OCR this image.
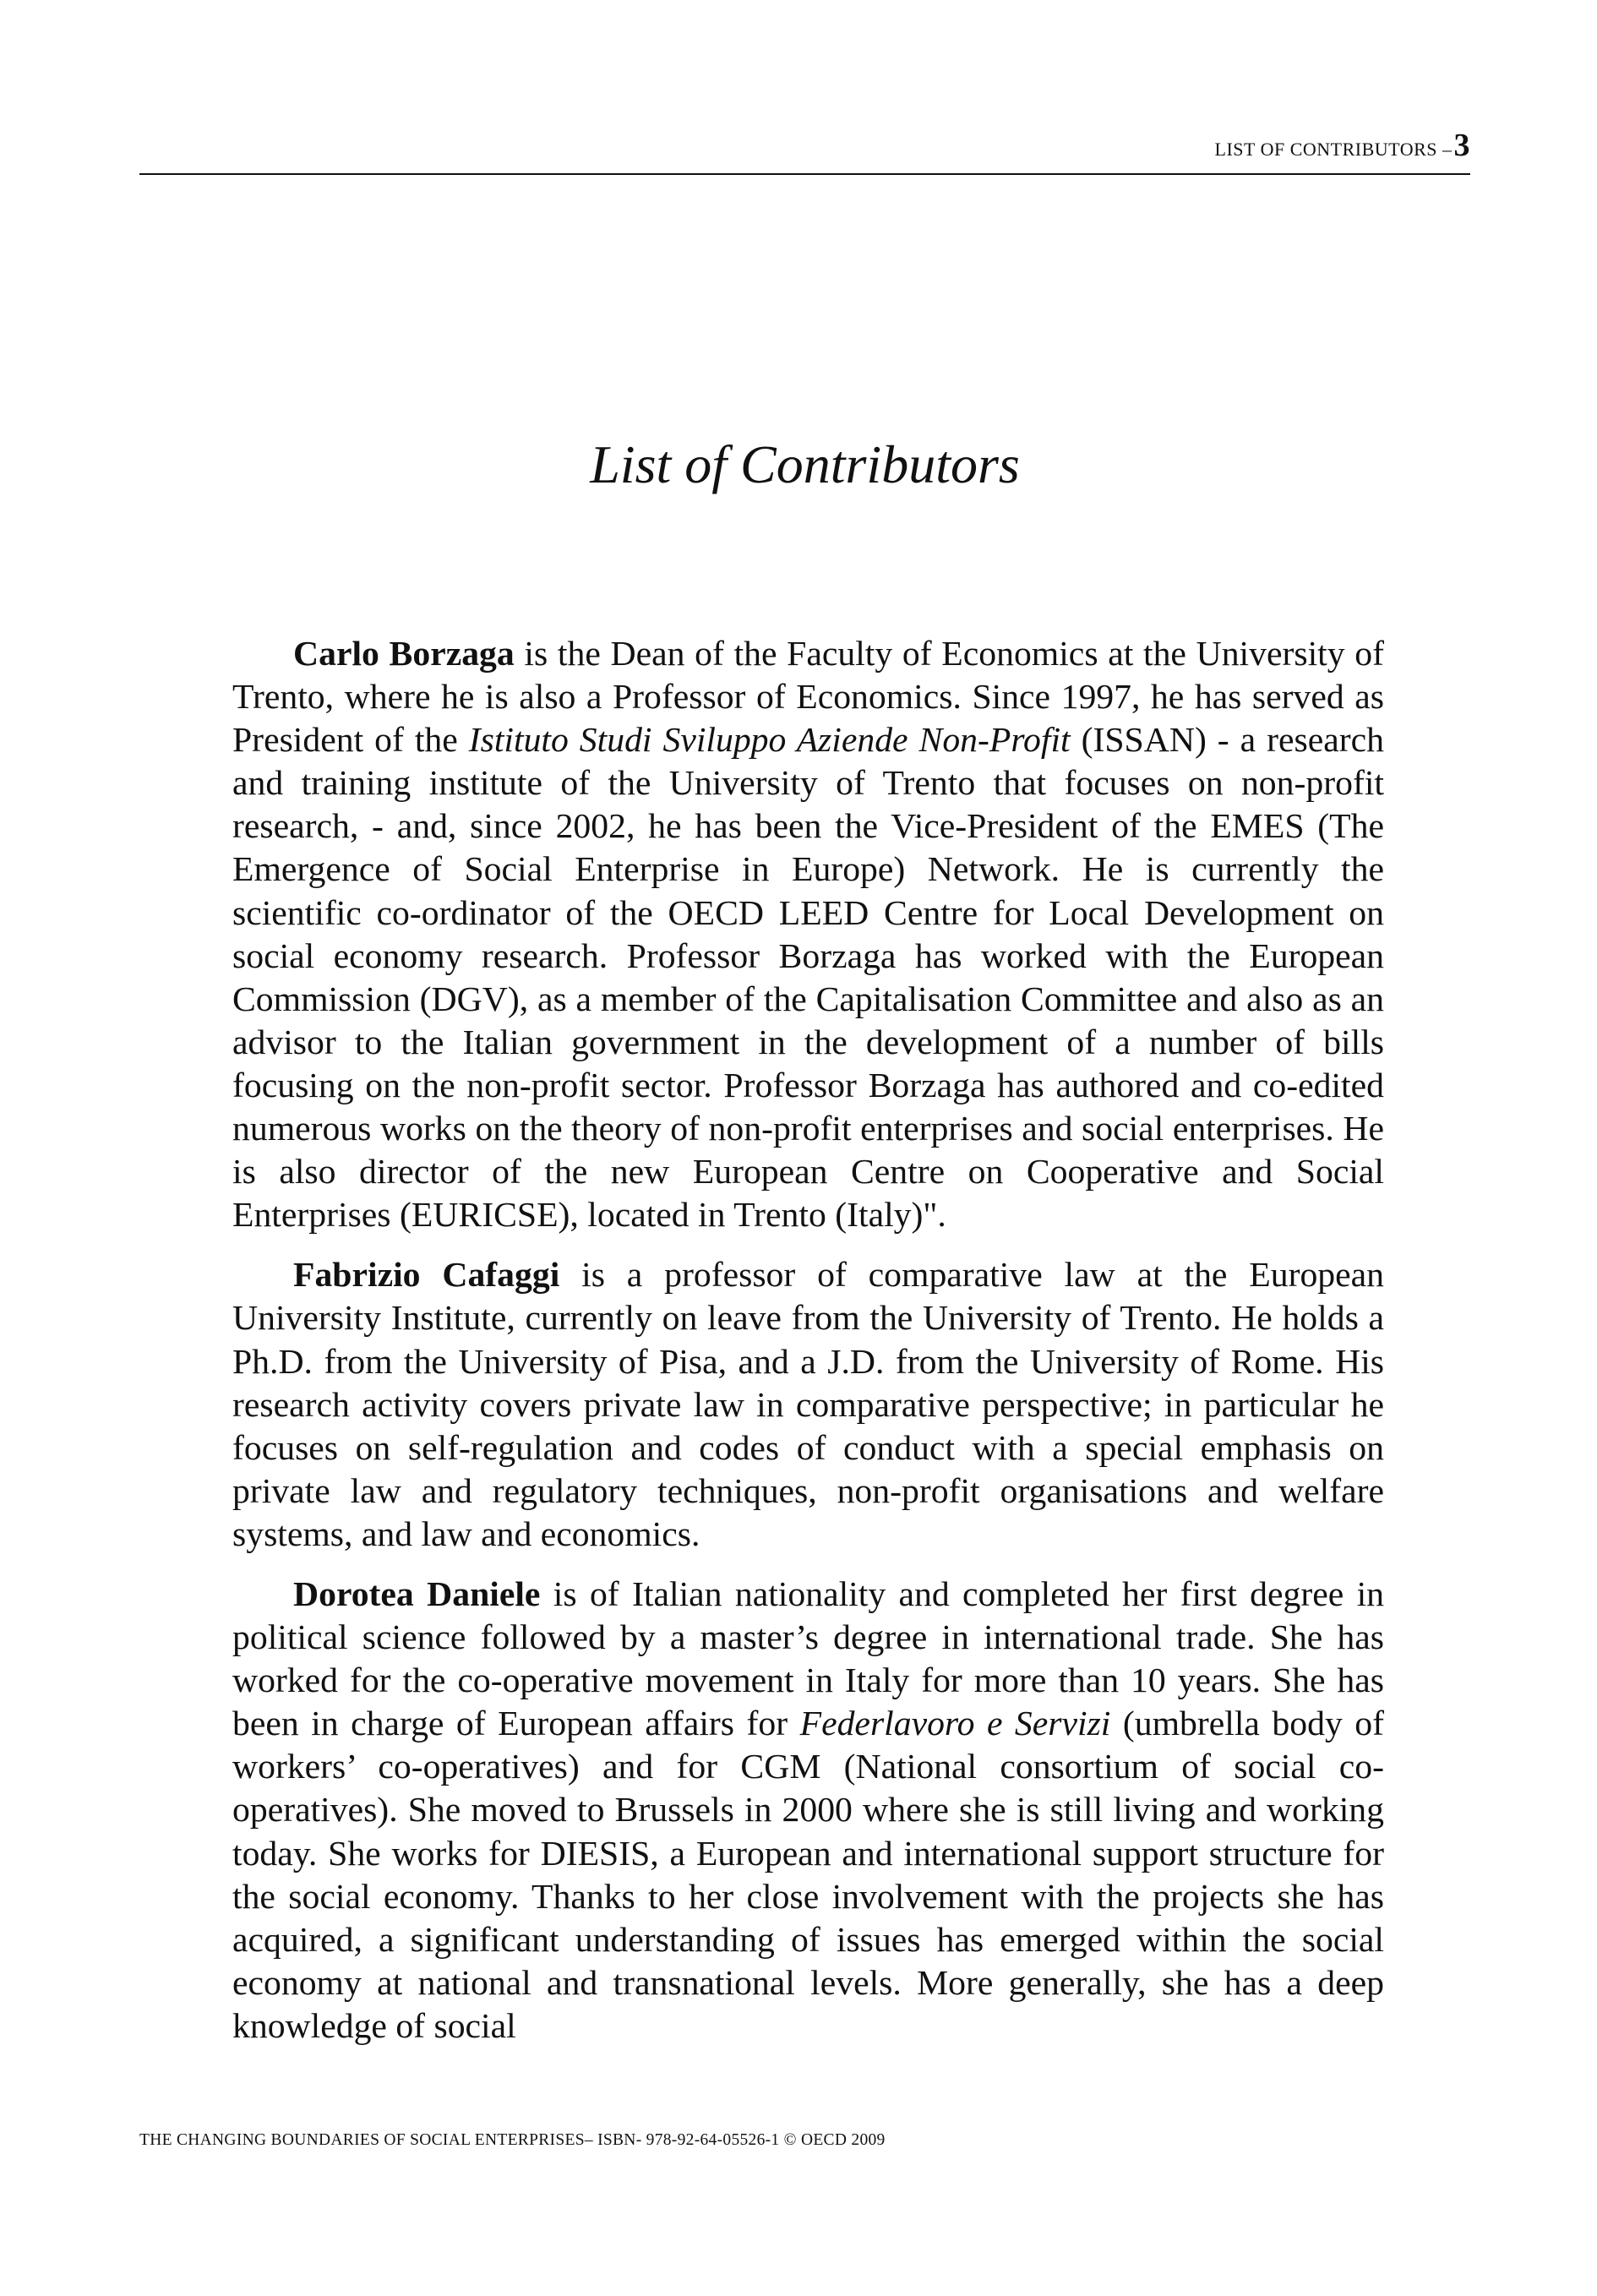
LIST OF CONTRIBUTORS –3
List of Contributors

Carlo Borzaga is the Dean of the Faculty of Economics at the University of Trento, where he is also a Professor of Economics. Since 1997, he has served as President of the Istituto Studi Sviluppo Aziende Non-Profit (ISSAN) - a research and training institute of the University of Trento that focuses on non-profit research, - and, since 2002, he has been the Vice-President of the EMES (The Emergence of Social Enterprise in Europe) Network. He is currently the scientific co-ordinator of the OECD LEED Centre for Local Development on social economy research. Professor Borzaga has worked with the European Commission (DGV), as a member of the Capitalisation Committee and also as an advisor to the Italian government in the development of a number of bills focusing on the non-profit sector. Professor Borzaga has authored and co-edited numerous works on the theory of non-profit enterprises and social enterprises. He is also director of the new European Centre on Cooperative and Social Enterprises (EURICSE), located in Trento (Italy)".

Fabrizio Cafaggi is a professor of comparative law at the European University Institute, currently on leave from the University of Trento. He holds a Ph.D. from the University of Pisa, and a J.D. from the University of Rome. His research activity covers private law in comparative perspective; in particular he focuses on self-regulation and codes of conduct with a special emphasis on private law and regulatory techniques, non-profit organisations and welfare systems, and law and economics.

Dorotea Daniele is of Italian nationality and completed her first degree in political science followed by a master’s degree in international trade. She has worked for the co-operative movement in Italy for more than 10 years. She has been in charge of European affairs for Federlavoro e Servizi (umbrella body of workers’ co-operatives) and for CGM (National consortium of social co-operatives). She moved to Brussels in 2000 where she is still living and working today. She works for DIESIS, a European and international support structure for the social economy. Thanks to her close involvement with the projects she has acquired, a significant understanding of issues has emerged within the social economy at national and transnational levels. More generally, she has a deep knowledge of social

THE CHANGING BOUNDARIES OF SOCIAL ENTERPRISES– ISBN- 978-92-64-05526-1 © OECD 2009
